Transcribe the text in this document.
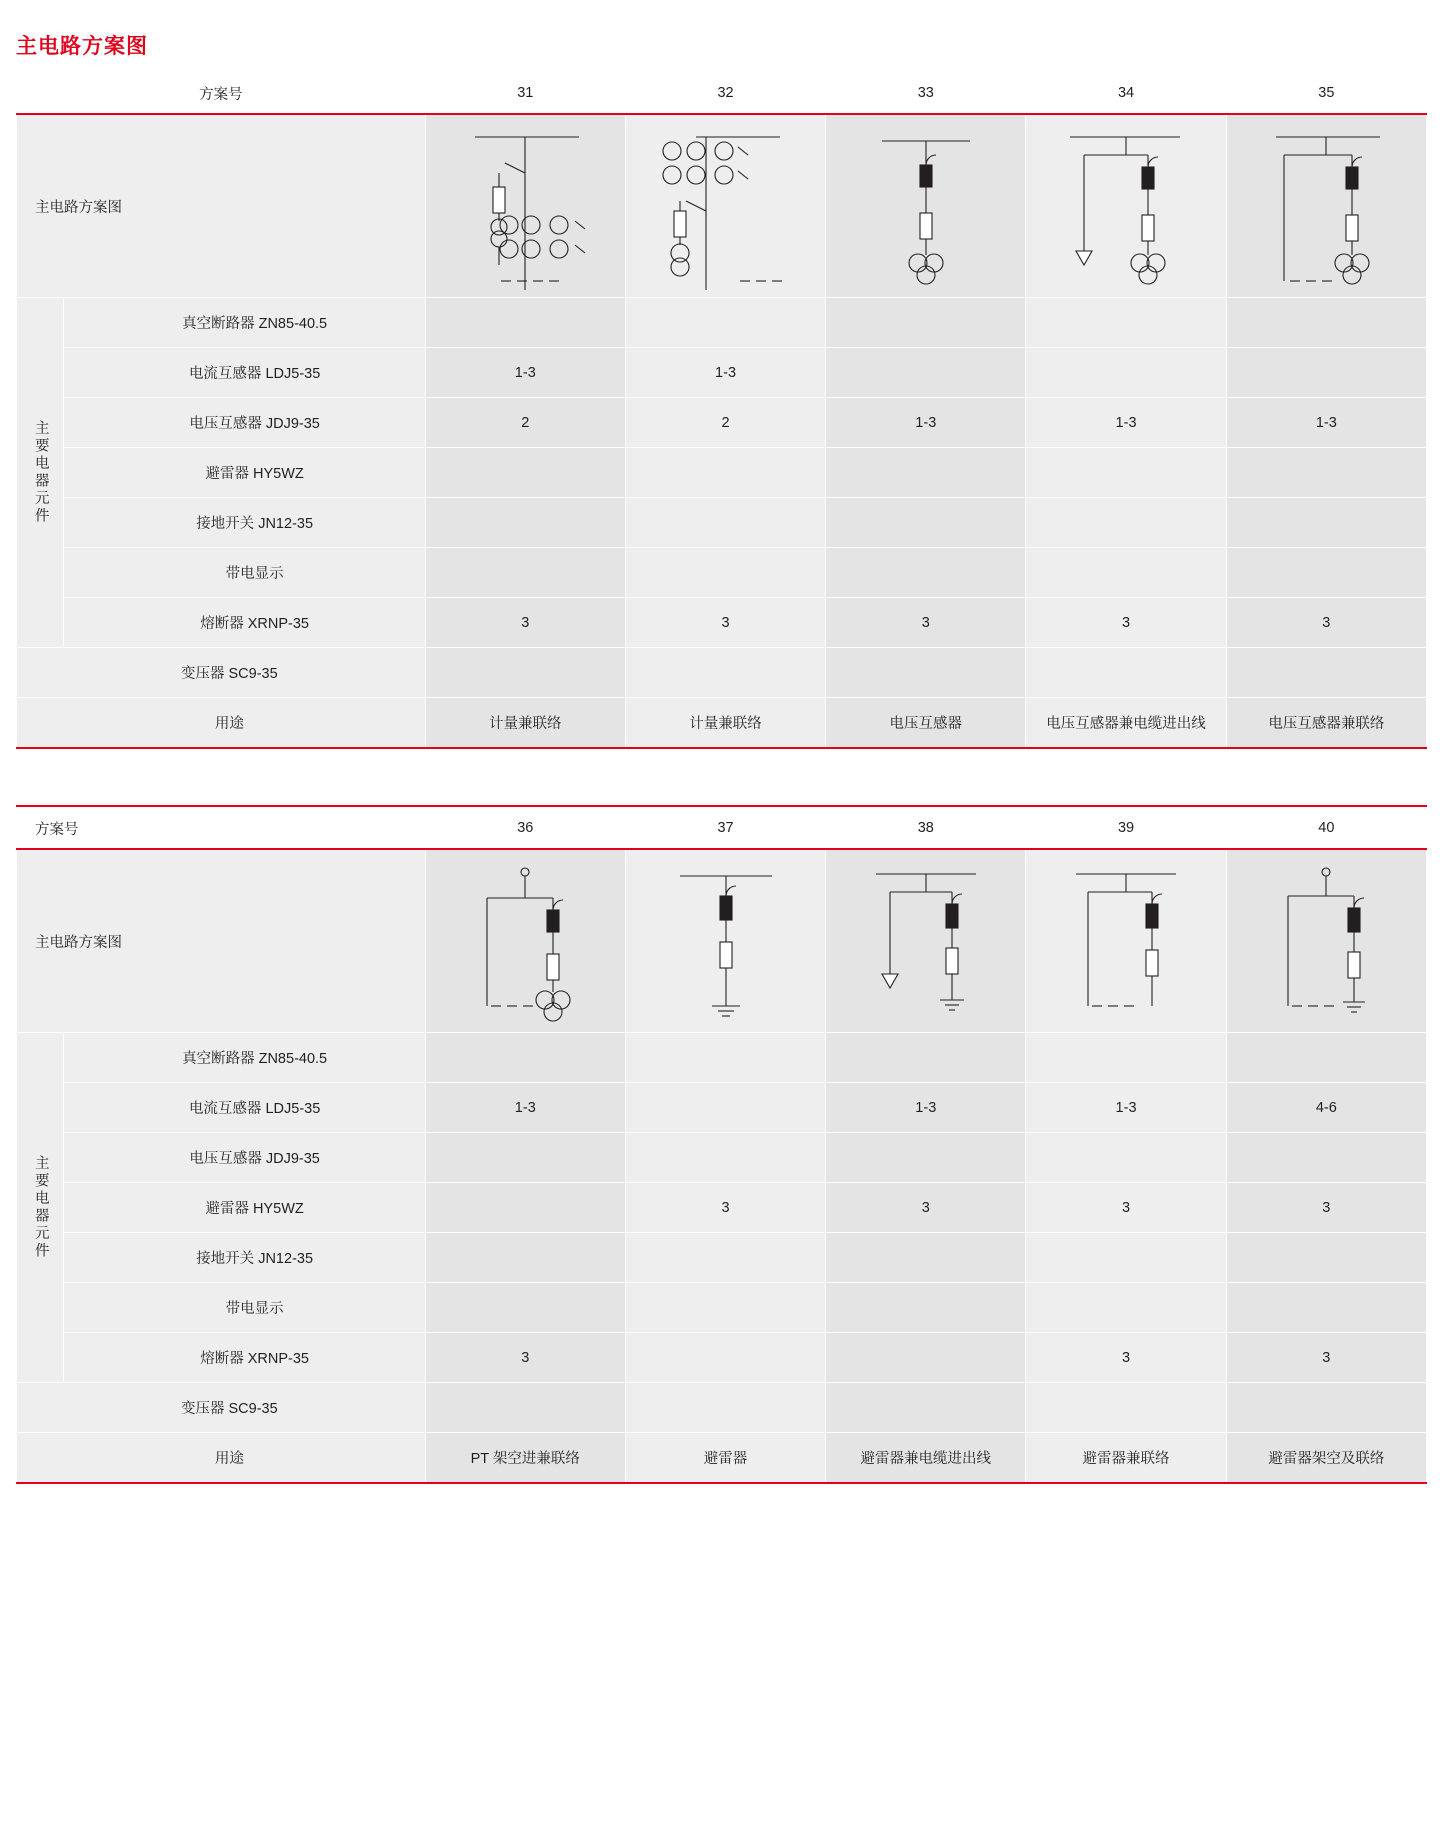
主电路方案图
方案号		31	32	33	34	35
主电路方案图	

主要电器元件	真空断路器 ZN85-40.5					
	电流互感器 LDJ5-35	1-3	1-3			
	电压互感器 JDJ9-35	2	2	1-3	1-3	1-3
	避雷器 HY5WZ					
	接地开关 JN12-35					
	带电显示					
	熔断器 XRNP-35	3	3	3	3	3
变压器 SC9-35						
用途		计量兼联络	计量兼联络	电压互感器	电压互感器兼电缆进出线	电压互感器兼联络
方案号		36	37	38	39	40
主电路方案图	

主要电器元件	真空断路器 ZN85-40.5					
	电流互感器 LDJ5-35	1-3		1-3	1-3	4-6
	电压互感器 JDJ9-35					
	避雷器 HY5WZ		3	3	3	3
	接地开关 JN12-35					
	带电显示					
	熔断器 XRNP-35	3			3	3
变压器 SC9-35						
用途		PT 架空进兼联络	避雷器	避雷器兼电缆进出线	避雷器兼联络	避雷器架空及联络
